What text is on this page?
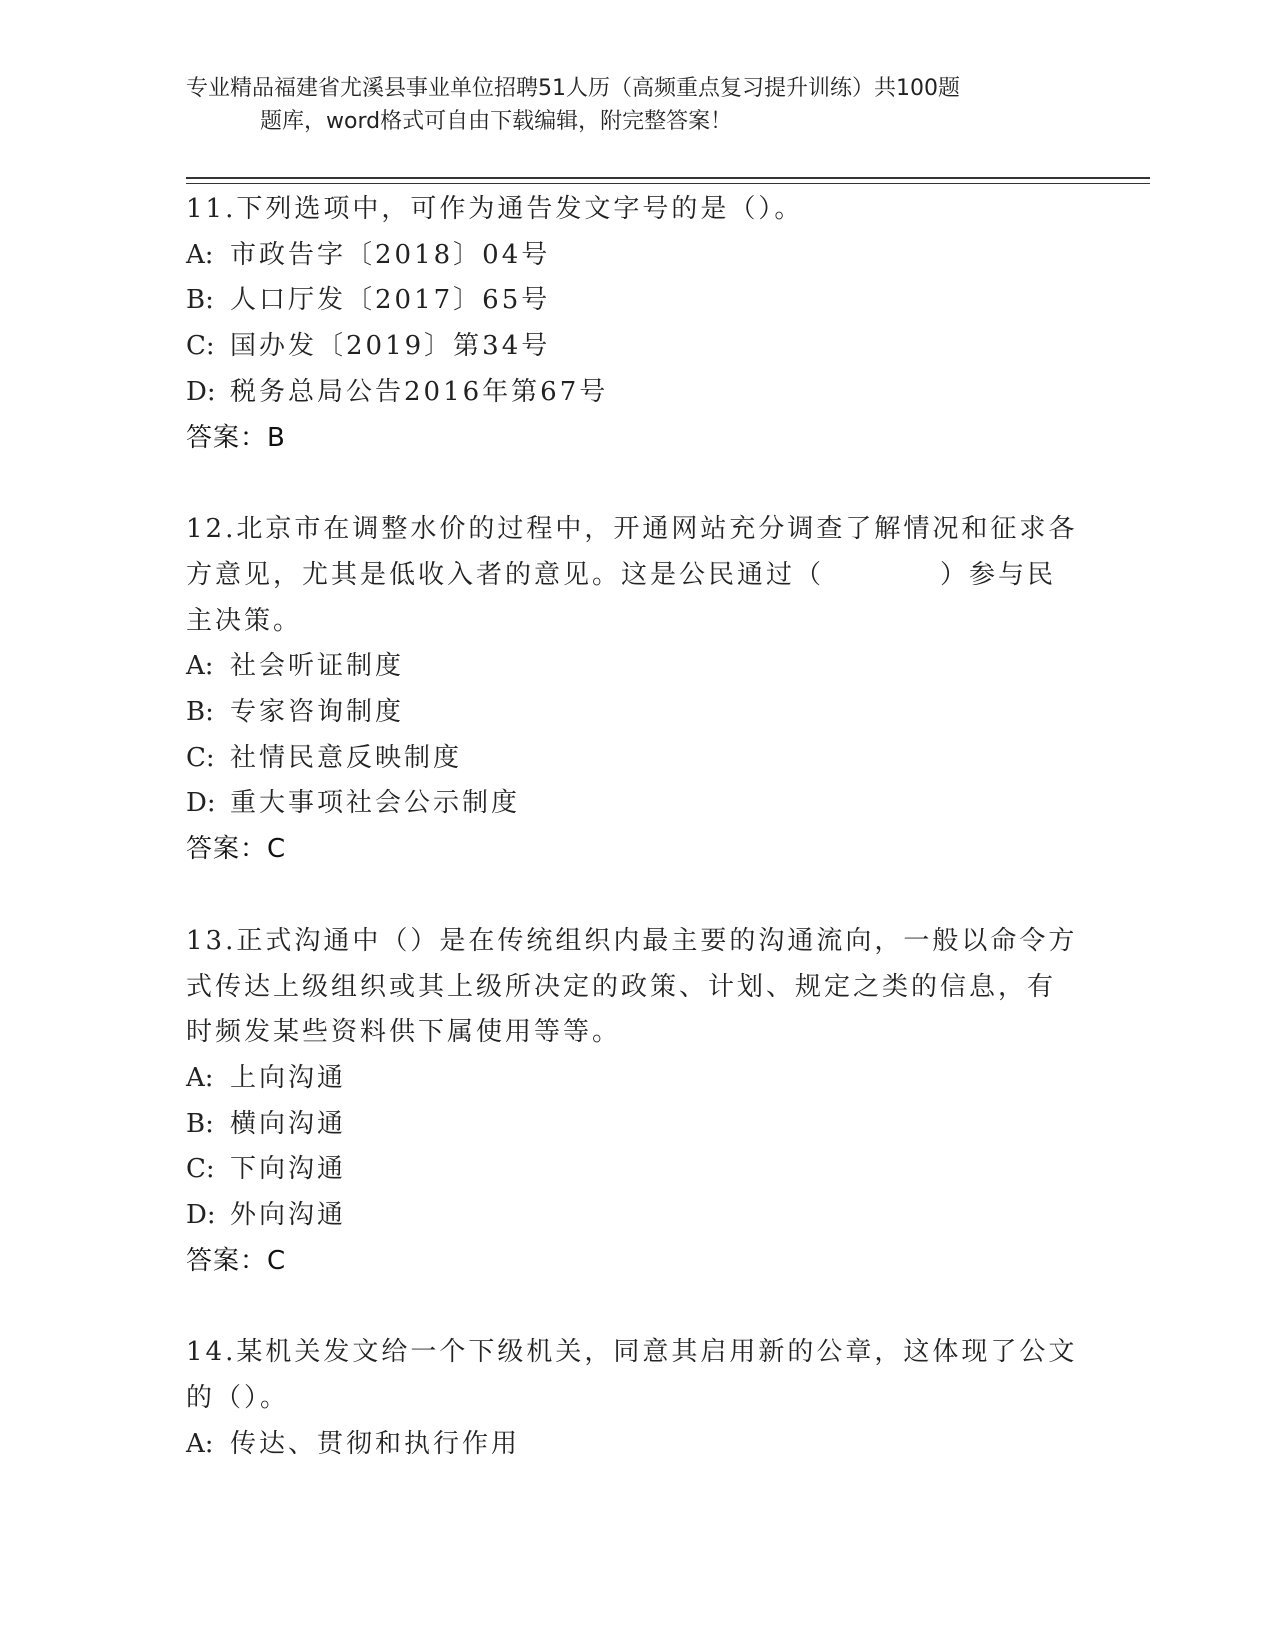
专业精品福建省尤溪县事业单位招聘51人历（高频重点复习提升训练）共100题
题库，word格式可自由下载编辑，附完整答案！
11.下列选项中，可作为通告发文字号的是（）。
A: 市政告字〔2018〕04号
B: 人口厅发〔2017〕65号
C: 国办发〔2019〕第34号
D: 税务总局公告2016年第67号
答案：B
12.北京市在调整水价的过程中，开通网站充分调查了解情况和征求各
方意见，尤其是低收入者的意见。这是公民通过（　　　　）参与民
主决策。
A: 社会听证制度
B: 专家咨询制度
C: 社情民意反映制度
D: 重大事项社会公示制度
答案：C
13.正式沟通中（）是在传统组织内最主要的沟通流向，一般以命令方
式传达上级组织或其上级所决定的政策、计划、规定之类的信息，有
时频发某些资料供下属使用等等。
A: 上向沟通
B: 横向沟通
C: 下向沟通
D: 外向沟通
答案：C
14.某机关发文给一个下级机关，同意其启用新的公章，这体现了公文
的（）。
A: 传达、贯彻和执行作用
